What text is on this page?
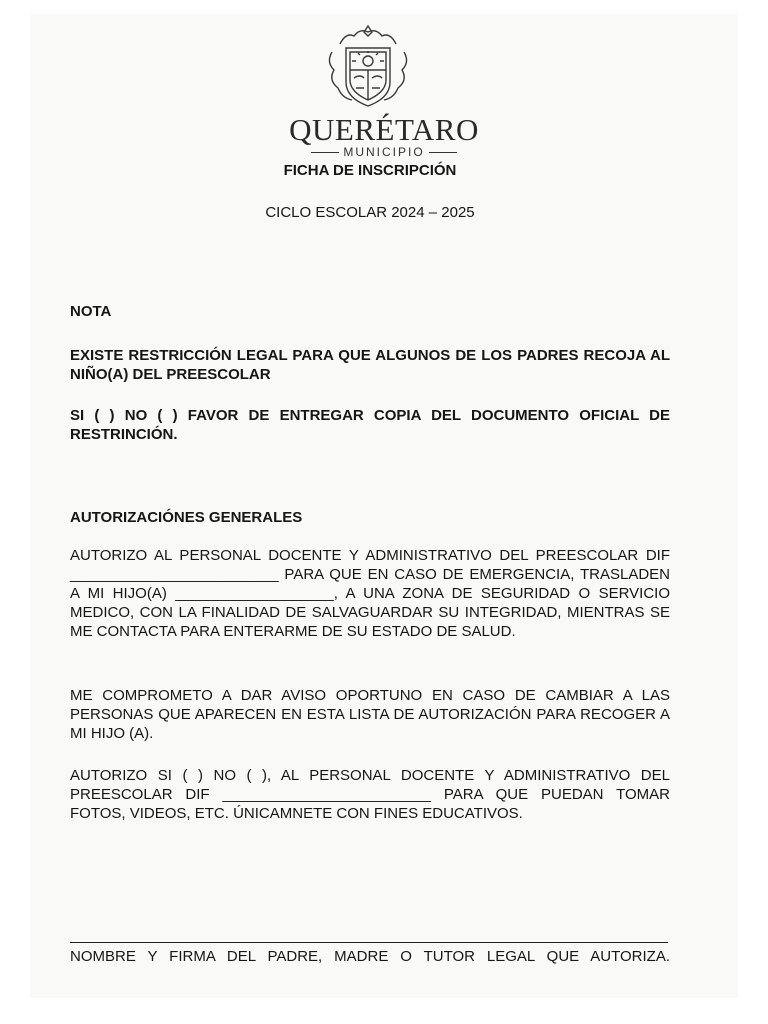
QUERÉTARO
MUNICIPIO
FICHA DE INSCRIPCIÓN
CICLO ESCOLAR 2024 – 2025
NOTA
EXISTE RESTRICCIÓN LEGAL PARA QUE ALGUNOS DE LOS PADRES RECOJA AL NIÑO(A) DEL PREESCOLAR
SI ( ) NO ( ) FAVOR DE ENTREGAR COPIA DEL DOCUMENTO OFICIAL DE RESTRINCIÓN.
AUTORIZACIÓNES GENERALES
AUTORIZO AL PERSONAL DOCENTE Y ADMINISTRATIVO DEL PREESCOLAR DIF _________________________ PARA QUE EN CASO DE EMERGENCIA, TRASLADEN A MI HIJO(A) ___________________, A UNA ZONA DE SEGURIDAD O SERVICIO MEDICO, CON LA FINALIDAD DE SALVAGUARDAR SU INTEGRIDAD, MIENTRAS SE ME CONTACTA PARA ENTERARME DE SU ESTADO DE SALUD.
ME COMPROMETO A DAR AVISO OPORTUNO EN CASO DE CAMBIAR A LAS PERSONAS QUE APARECEN EN ESTA LISTA DE AUTORIZACIÓN PARA RECOGER A MI HIJO (A).
AUTORIZO SI ( ) NO ( ), AL PERSONAL DOCENTE Y ADMINISTRATIVO DEL PREESCOLAR DIF _________________________ PARA QUE PUEDAN TOMAR FOTOS, VIDEOS, ETC. ÚNICAMNETE CON FINES EDUCATIVOS.
NOMBRE Y FIRMA DEL PADRE, MADRE O TUTOR LEGAL QUE AUTORIZA.
